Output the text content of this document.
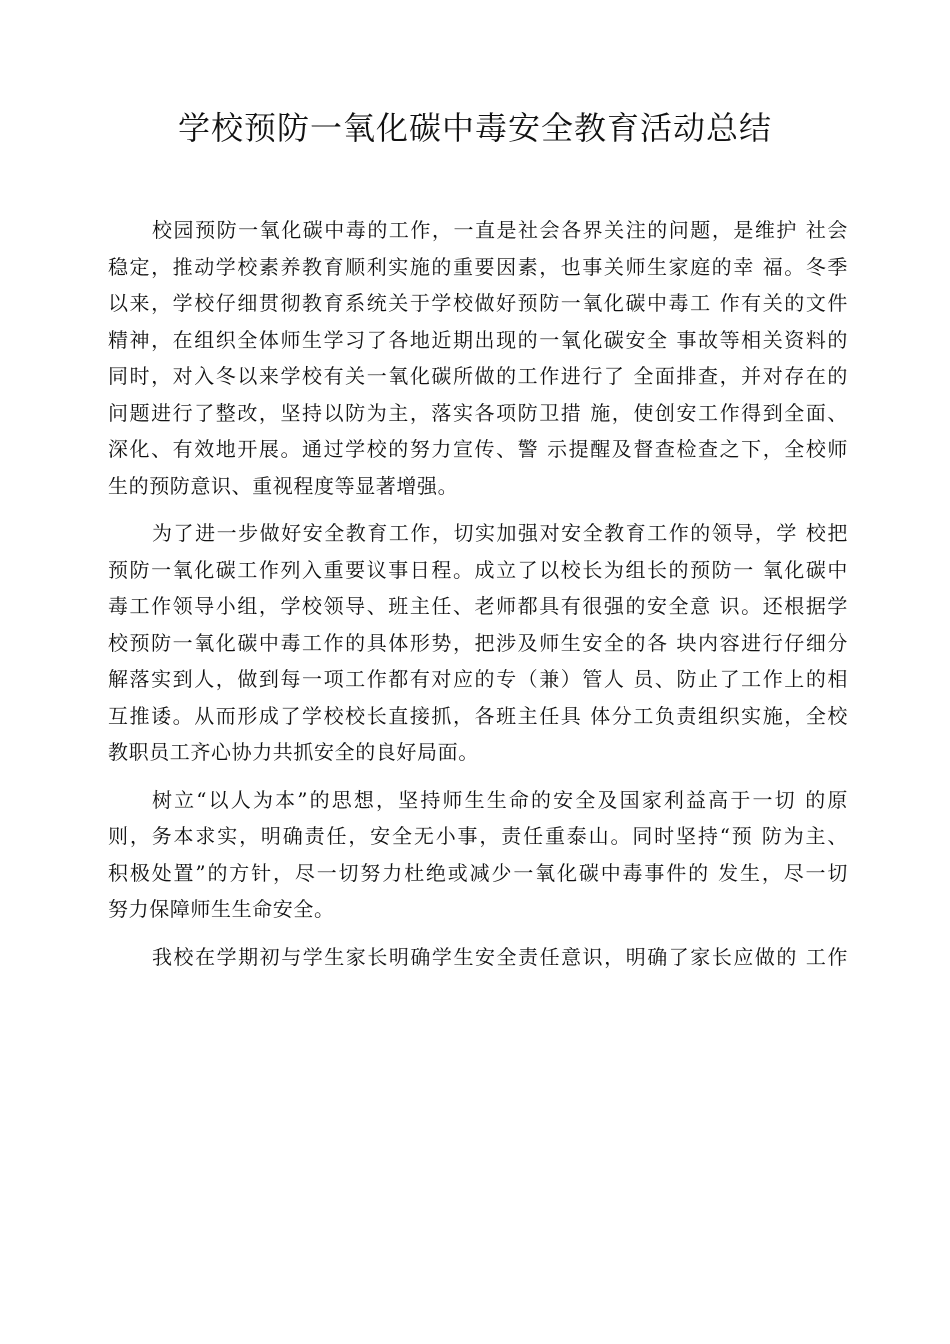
学校预防一氧化碳中毒安全教育活动总结

校园预防一氧化碳中毒的工作，一直是社会各界关注的问题，是维护 社会
稳定，推动学校素养教育顺利实施的重要因素，也事关师生家庭的幸 福。冬季
以来，学校仔细贯彻教育系统关于学校做好预防一氧化碳中毒工 作有关的文件
精神，在组织全体师生学习了各地近期出现的一氧化碳安全 事故等相关资料的
同时，对入冬以来学校有关一氧化碳所做的工作进行了 全面排查，并对存在的
问题进行了整改，坚持以防为主，落实各项防卫措 施，使创安工作得到全面、
深化、有效地开展。通过学校的努力宣传、警 示提醒及督查检查之下，全校师
生的预防意识、重视程度等显著增强。

为了进一步做好安全教育工作，切实加强对安全教育工作的领导，学 校把
预防一氧化碳工作列入重要议事日程。成立了以校长为组长的预防一 氧化碳中
毒工作领导小组，学校领导、班主任、老师都具有很强的安全意 识。还根据学
校预防一氧化碳中毒工作的具体形势，把涉及师生安全的各 块内容进行仔细分
解落实到人，做到每一项工作都有对应的专（兼）管人 员、防止了工作上的相
互推诿。从而形成了学校校长直接抓，各班主任具 体分工负责组织实施，全校
教职员工齐心协力共抓安全的良好局面。

树立“以人为本”的思想，坚持师生生命的安全及国家利益高于一切 的原
则，务本求实，明确责任，安全无小事，责任重泰山。同时坚持“预 防为主、
积极处置”的方针，尽一切努力杜绝或减少一氧化碳中毒事件的 发生，尽一切
努力保障师生生命安全。

我校在学期初与学生家长明确学生安全责任意识，明确了家长应做的 工作
